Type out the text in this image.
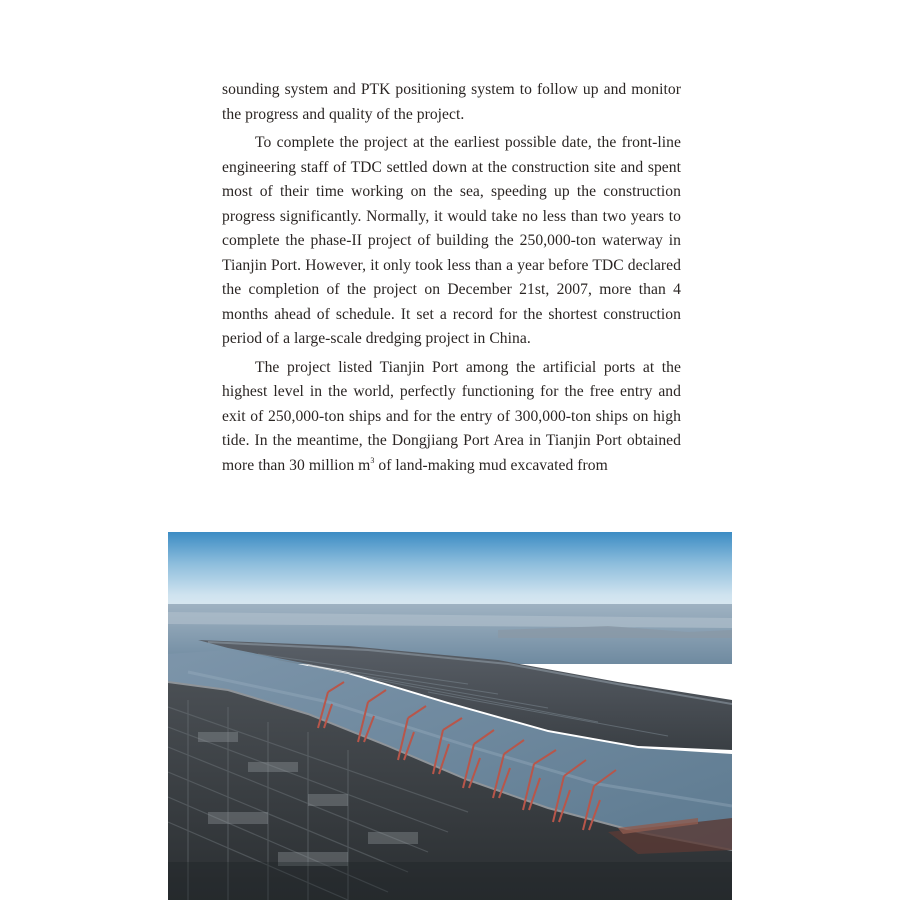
sounding system and PTK positioning system to follow up and monitor the progress and quality of the project.

To complete the project at the earliest possible date, the front-line engineering staff of TDC settled down at the construction site and spent most of their time working on the sea, speeding up the construction progress significantly. Normally, it would take no less than two years to complete the phase-II project of building the 250,000-ton waterway in Tianjin Port. However, it only took less than a year before TDC declared the completion of the project on December 21st, 2007, more than 4 months ahead of schedule. It set a record for the shortest construction period of a large-scale dredging project in China.

The project listed Tianjin Port among the artificial ports at the highest level in the world, perfectly functioning for the free entry and exit of 250,000-ton ships and for the entry of 300,000-ton ships on high tide. In the meantime, the Dongjiang Port Area in Tianjin Port obtained more than 30 million $m^3$ of land-making mud excavated from
